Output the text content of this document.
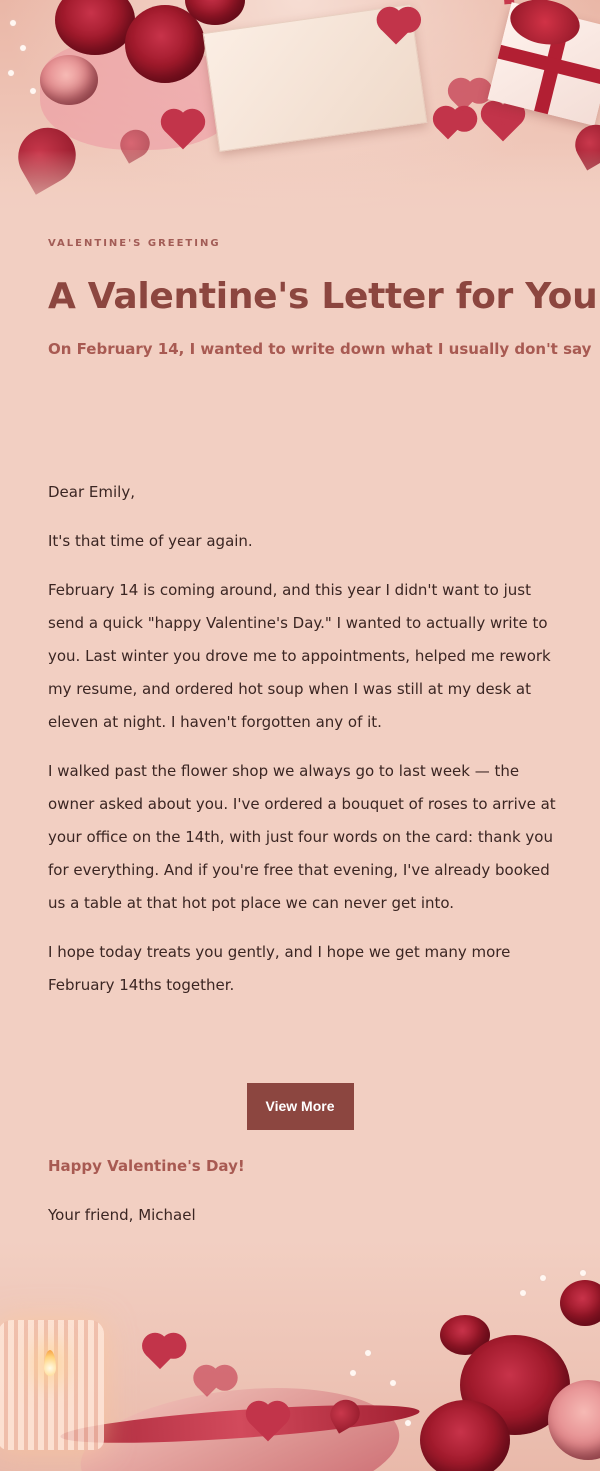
VALENTINE'S GREETING
A Valentine's Letter for You
On February 14, I wanted to write down what I usually don't say

Dear Emily,

It's that time of year again.

February 14 is coming around, and this year I didn't want to just send a quick "happy Valentine's Day." I wanted to actually write to you. Last winter you drove me to appointments, helped me rework my resume, and ordered hot soup when I was still at my desk at eleven at night. I haven't forgotten any of it.

I walked past the flower shop we always go to last week — the owner asked about you. I've ordered a bouquet of roses to arrive at your office on the 14th, with just four words on the card: thank you for everything. And if you're free that evening, I've already booked us a table at that hot pot place we can never get into.

I hope today treats you gently, and I hope we get many more February 14ths together.

View More
Happy Valentine's Day!
Your friend, Michael
